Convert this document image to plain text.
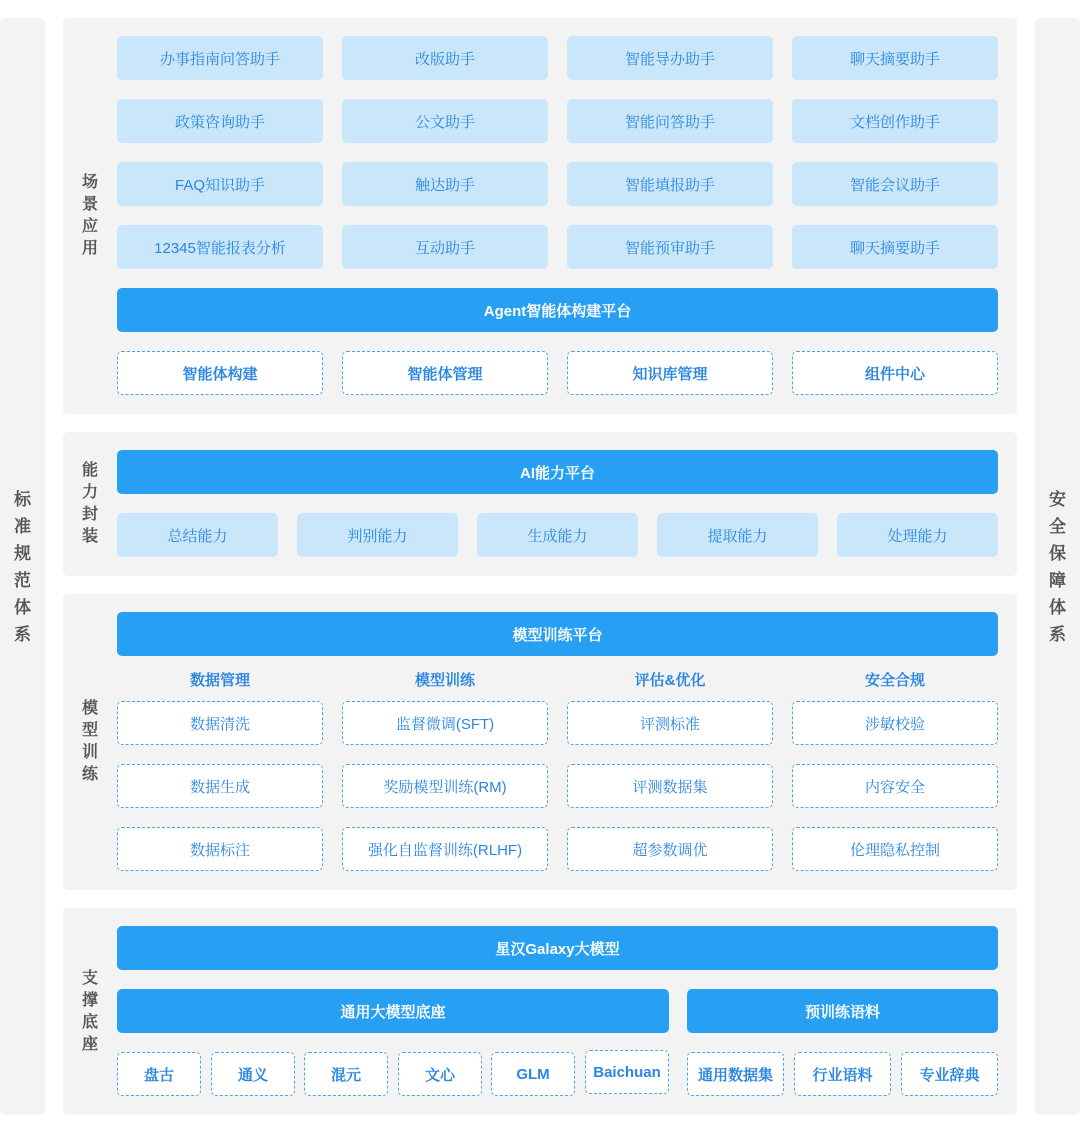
标准规范体系
安全保障体系
场景应用
办事指南问答助手	改版助手	智能导办助手	聊天摘要助手
政策咨询助手	公文助手	智能问答助手	文档创作助手
FAQ知识助手	触达助手	智能填报助手	智能会议助手
12345智能报表分析	互动助手	智能预审助手	聊天摘要助手
Agent智能体构建平台
智能体构建	智能体管理	知识库管理	组件中心
能力封装
AI能力平台
总结能力	判别能力	生成能力	提取能力	处理能力
模型训练
模型训练平台
数据管理	模型训练	评估&优化	安全合规
数据清洗	监督微调(SFT)	评测标准	涉敏校验
数据生成	奖励模型训练(RM)	评测数据集	内容安全
数据标注	强化自监督训练(RLHF)	超参数调优	伦理隐私控制
支撑底座
星汉Galaxy大模型
通用大模型底座	预训练语料
盘古	通义	混元	文心	GLM	Baichuan	通用数据集	行业语料	专业辞典
